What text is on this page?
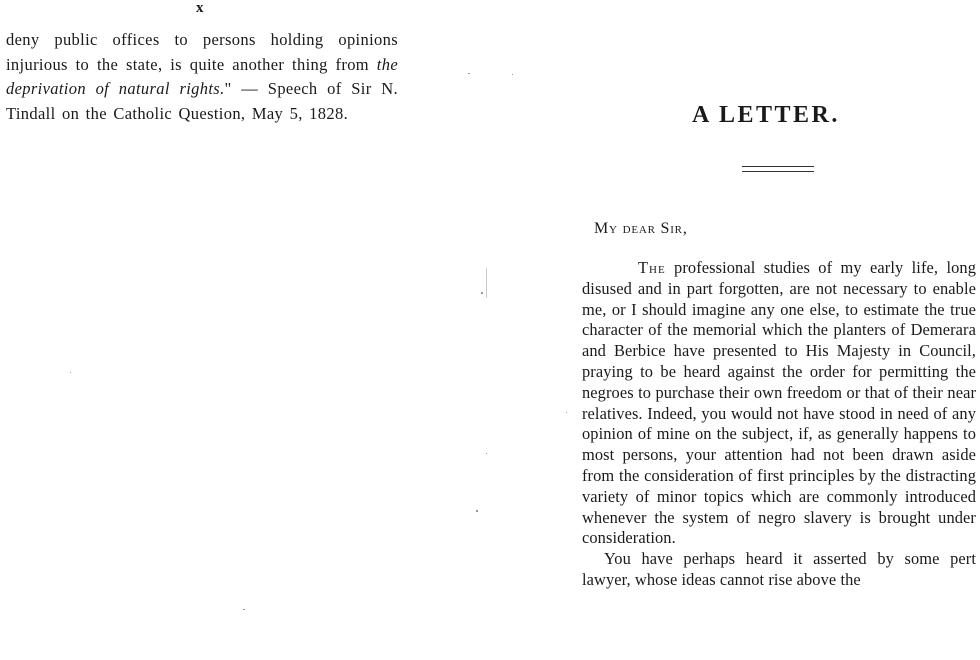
x
deny public offices to persons holding opinions injurious to the state, is quite another thing from the deprivation of natural rights." — Speech of Sir N. Tindall on the Catholic Question, May 5, 1828.	A LETTER.
My dear Sir,

The professional studies of my early life, long disused and in part forgotten, are not necessary to enable me, or I should imagine any one else, to estimate the true character of the memorial which the planters of Demerara and Berbice have presented to His Majesty in Council, praying to be heard against the order for permitting the negroes to purchase their own freedom or that of their near relatives. Indeed, you would not have stood in need of any opinion of mine on the subject, if, as generally happens to most persons, your attention had not been drawn aside from the consideration of first principles by the distracting variety of minor topics which are commonly introduced whenever the system of negro slavery is brought under consideration.

You have perhaps heard it asserted by some pert lawyer, whose ideas cannot rise above the
